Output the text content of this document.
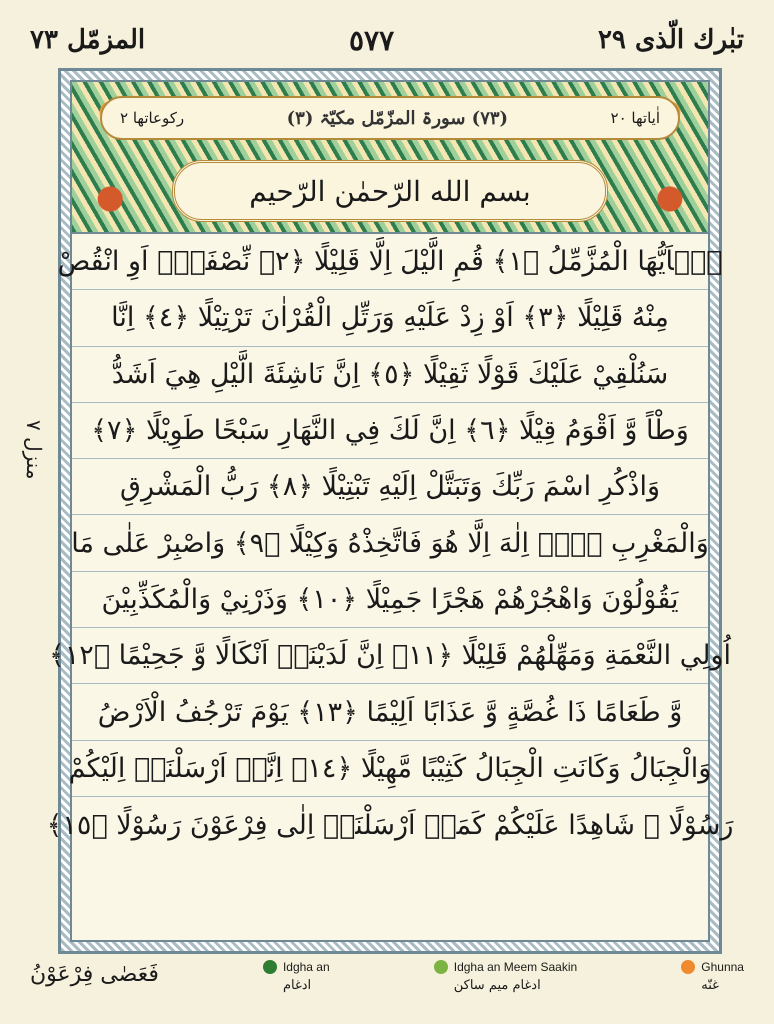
المزمّل ٧٣	٥٧٧	تبٰرك الّذى ۲۹
منزل ۷
اٰیاتها ۲۰
(٧٣) سورۃ المزّمّل مکیّۃ (۳)
رکوعاتها ۲
بسم الله الرّحمٰن الرّحيم
يٰۤاَيُّهَا الْمُزَّمِّلُ ﴿١﴾ قُمِ الَّيْلَ اِلَّا قَلِيْلًا ﴿٢﴾ نِّصْفَهٗۤ اَوِ انْقُصْ
مِنْهُ قَلِيْلًا ﴿٣﴾ اَوْ زِدْ عَلَيْهِ وَرَتِّلِ الْقُرْاٰنَ تَرْتِيْلًا ﴿٤﴾ اِنَّا
سَنُلْقِيْ عَلَيْكَ قَوْلًا ثَقِيْلًا ﴿٥﴾ اِنَّ نَاشِئَةَ الَّيْلِ هِيَ اَشَدُّ
وَطْاً وَّ اَقْوَمُ قِيْلًا ﴿٦﴾ اِنَّ لَكَ فِي النَّهَارِ سَبْحًا طَوِيْلًا ﴿٧﴾
وَاذْكُرِ اسْمَ رَبِّكَ وَتَبَتَّلْ اِلَيْهِ تَبْتِيْلًا ﴿٨﴾ رَبُّ الْمَشْرِقِ
وَالْمَغْرِبِ لَاۤ اِلٰهَ اِلَّا هُوَ فَاتَّخِذْهُ وَكِيْلًا ﴿٩﴾ وَاصْبِرْ عَلٰى مَا
يَقُوْلُوْنَ وَاهْجُرْهُمْ هَجْرًا جَمِيْلًا ﴿١٠﴾ وَذَرْنِيْ وَالْمُكَذِّبِيْنَ
اُولِي النَّعْمَةِ وَمَهِّلْهُمْ قَلِيْلًا ﴿١١﴾ اِنَّ لَدَيْنَاۤ اَنْكَالًا وَّ جَحِيْمًا ﴿١٢﴾
وَّ طَعَامًا ذَا غُصَّةٍ وَّ عَذَابًا اَلِيْمًا ﴿١٣﴾ يَوْمَ تَرْجُفُ الْاَرْضُ
وَالْجِبَالُ وَكَانَتِ الْجِبَالُ كَثِيْبًا مَّهِيْلًا ﴿١٤﴾ اِنَّاۤ اَرْسَلْنَاۤ اِلَيْكُمْ
رَسُوْلًا ۙ شَاهِدًا عَلَيْكُمْ كَمَاۤ اَرْسَلْنَاۤ اِلٰى فِرْعَوْنَ رَسُوْلًا ﴿١٥﴾
فَعَصٰى فِرْعَوْنُ	Idgha an
ادغام
Idgha an Meem Saakin
ادغام میم ساکن
Ghunna
غنّه
